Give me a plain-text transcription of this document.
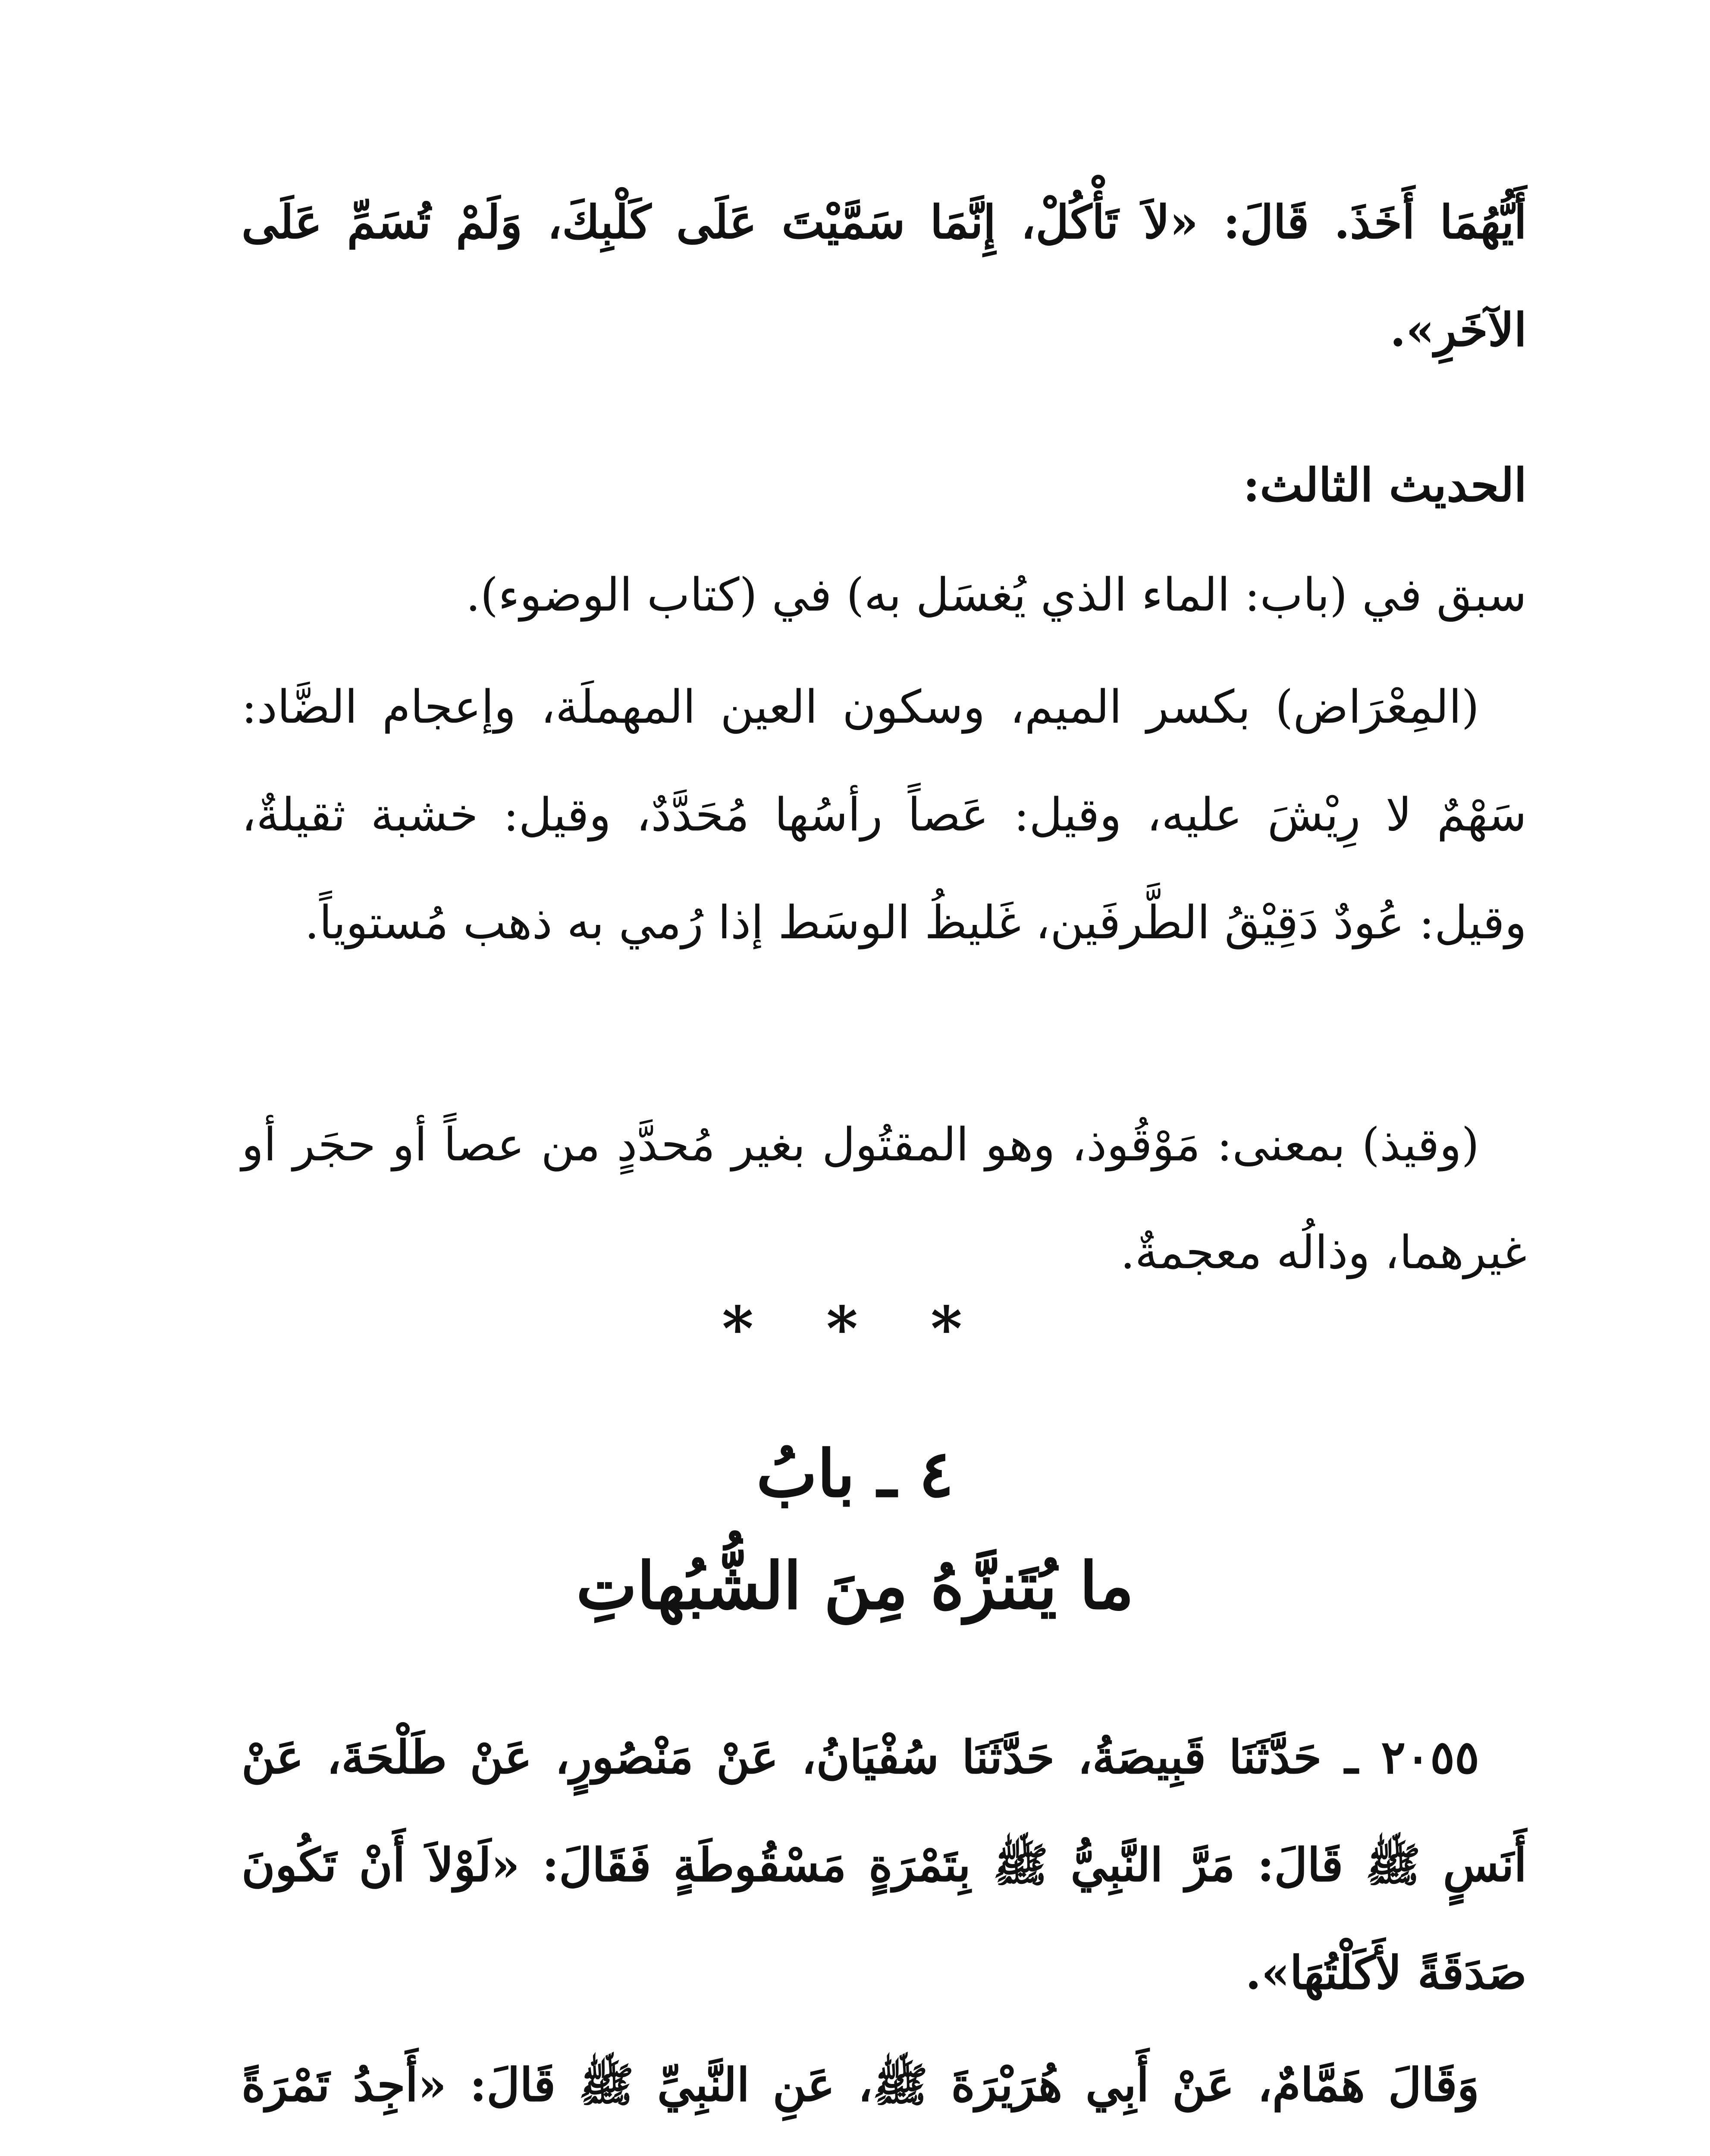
أَيُّهُمَا أَخَذَ. قَالَ: «لاَ تَأْكُلْ، إِنَّمَا سَمَّيْتَ عَلَى كَلْبِكَ، وَلَمْ تُسَمِّ عَلَى الآخَرِ».
الحديث الثالث:
سبق في (باب: الماء الذي يُغسَل به) في (كتاب الوضوء).
(المِعْرَاض) بكسر الميم، وسكون العين المهملَة، وإعجام الضَّاد: سَهْمٌ لا رِيْشَ عليه، وقيل: عَصاً رأسُها مُحَدَّدٌ، وقيل: خشبة ثقيلةٌ، وقيل: عُودٌ دَقِيْقُ الطَّرفَين، غَليظُ الوسَط إذا رُمي به ذهب مُستوياً.
(وقيذ) بمعنى: مَوْقُوذ، وهو المقتُول بغير مُحدَّدٍ من عصاً أو حجَر أو غيرهما، وذالُه معجمةٌ.
* * *
٤ ـ بابُ
ما يُتَنزَّهُ مِنَ الشُّبُهاتِ
٢٠٥٥ ـ حَدَّثَنَا قَبِيصَةُ، حَدَّثَنَا سُفْيَانُ، عَنْ مَنْصُورٍ، عَنْ طَلْحَةَ، عَنْ أَنَسٍ ﷺ قَالَ: مَرَّ النَّبِيُّ ﷺ بِتَمْرَةٍ مَسْقُوطَةٍ فَقَالَ: «لَوْلاَ أَنْ تَكُونَ صَدَقَةً لأَكَلْتُهَا».
وَقَالَ هَمَّامٌ، عَنْ أَبِي هُرَيْرَةَ ﷺ، عَنِ النَّبِيِّ ﷺ قَالَ: «أَجِدُ تَمْرَةً
